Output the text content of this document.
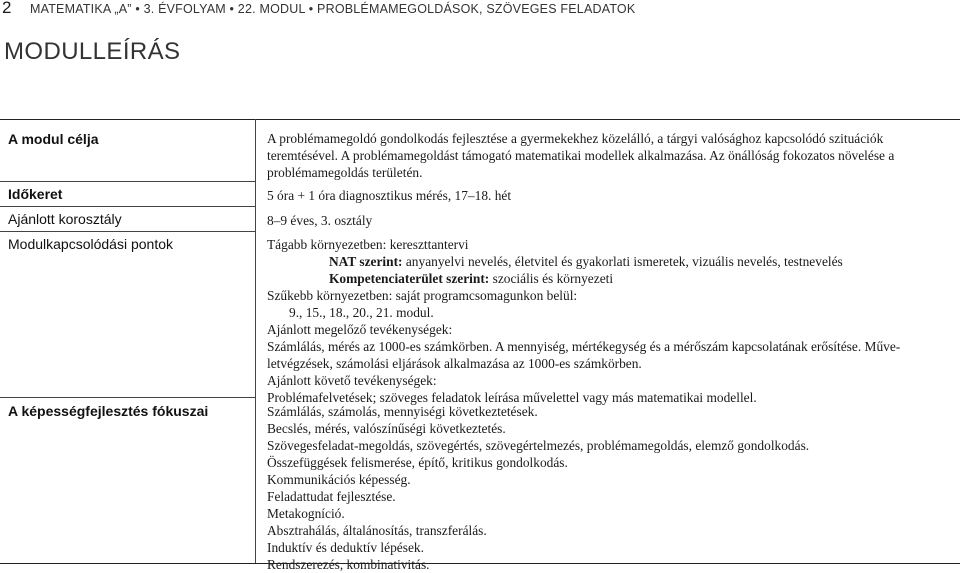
2 MATEMATIKA „A” • 3. ÉVFOLYAM • 22. MODUL • PROBLÉMAMEGOLDÁSOK, SZÖVEGES FELADATOK
MODULLEÍRÁS
A modul célja	A problémamegoldó gondolkodás fejlesztése a gyermekekhez közelálló, a tárgyi valósághoz kapcsolódó szituációk

teremtésével. A problémamegoldást támogató matematikai modellek alkalmazása. Az önállóság fokozatos növelése a

problémamegoldás területén.

Időkeret	5 óra + 1 óra diagnosztikus mérés, 17–18. hét

Ajánlott korosztály	8–9 éves, 3. osztály

Modulkapcsolódási pontok	Tágabb környezetben: kereszttantervi

NAT szerint: anyanyelvi nevelés, életvitel és gyakorlati ismeretek, vizuális nevelés, testnevelés

Kompetenciaterület szerint: szociális és környezeti

Szűkebb környezetben: saját programcsomagunkon belül:

9., 15., 18., 20., 21. modul.

Ajánlott megelőző tevékenységek:

Számlálás, mérés az 1000-es számkörben. A mennyiség, mértékegység és a mérőszám kapcsolatának erősítése. Műve-

letvégzések, számolási eljárások alkalmazása az 1000-es számkörben.

Ajánlott követő tevékenységek:

Problémafelvetések; szöveges feladatok leírása művelettel vagy más matematikai modellel.

A képességfejlesztés fókuszai	Számlálás, számolás, mennyiségi következtetések.

Becslés, mérés, valószínűségi következtetés.

Szövegesfeladat-megoldás, szövegértés, szövegértelmezés, problémamegoldás, elemző gondolkodás.

Összefüggések felismerése, építő, kritikus gondolkodás.

Kommunikációs képesség.

Feladattudat fejlesztése.

Metakogníció.

Absztrahálás, általánosítás, transzferálás.

Induktív és deduktív lépések.

Rendszerezés, kombinativitás.
